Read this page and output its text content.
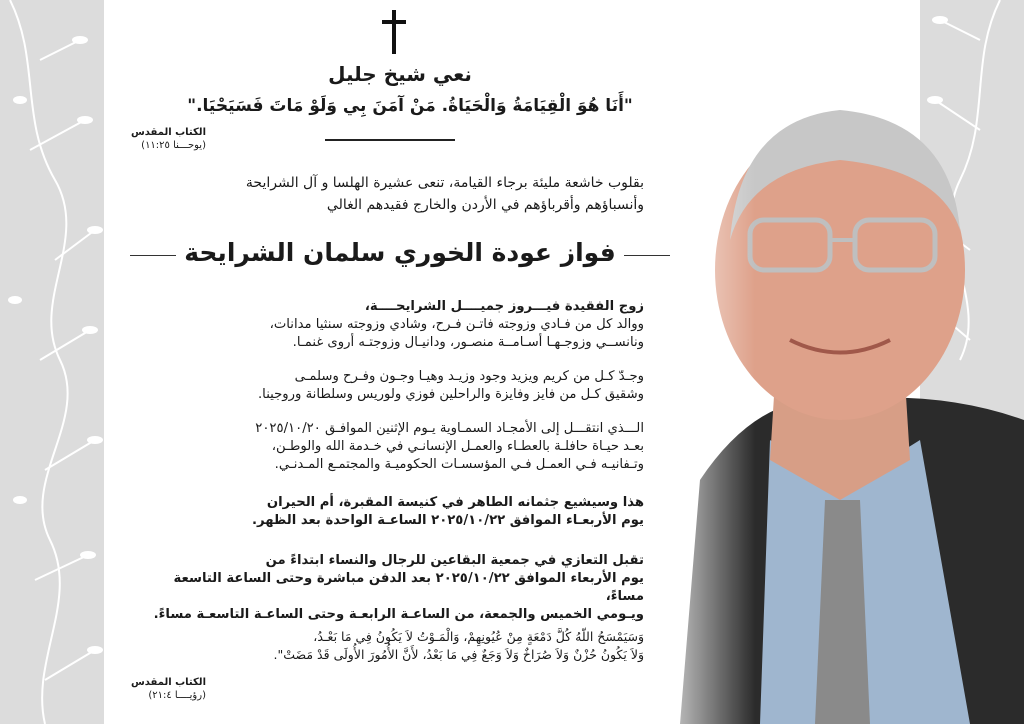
نعي شيخ جليل
"أَنَا هُوَ الْقِيَامَةُ وَالْحَيَاةُ. مَنْ آمَنَ بِي وَلَوْ مَاتَ فَسَيَحْيَا."
الكتاب المقدس
(يوحـــنا ١١:٢٥)
بقلوب خاشعة مليئة برجاء القيامة، تنعى عشيرة الهلسا و آل الشرايحة
وأنسباؤهم وأقرباؤهم في الأردن والخارج فقيدهم الغالي
فواز عودة الخوري سلمان الشرايحة

زوج الفقيدة فيـــروز جميــــل الشرايحــــة،

ووالد كل من فـادي وزوجته فاتـن فـرح، وشادي وزوجته سنثيا مدانات،

ونانســي وزوجـهـا أسـامــة منصـور، ودانيـال وزوجتـه أروى غنمـا.

وجـدّ كـل من كريم ويزيد وجود وزيـد وهيـا وجـون وفـرح وسلمـى

وشقيق كـل من فايز وفايزة والراحلين فوزي ولوريس وسلطانة وروجينا.

الـــذي انتقـــل إلى الأمجـاد السمـاوية يـوم الإثنين الموافـق ٢٠٢٥/١٠/٢٠

بعـد حيـاة حافلـة بالعطـاء والعمـل الإنسانـي في خـدمة الله والوطـن،

وتـفانيـه فـي العمـل فـي المؤسسـات الحكوميـة والمجتمـع المـدنـي.

هذا وسيشيع جثمانه الطاهر في كنيسة المقبرة، أم الحيران

يوم الأربعـاء الموافق ٢٠٢٥/١٠/٢٢ الساعـة الواحدة بعد الظهر.

تقبل التعازي في جمعية البقاعين للرجال والنساء ابتداءً من

يوم الأربعاء الموافق ٢٠٢٥/١٠/٢٢ بعد الدفن مباشرة وحتى الساعة التاسعة مساءً،

ويـومي الخميس والجمعة، من الساعـة الرابعـة وحتى الساعـة التاسعـة مساءً.

وَسَيَمْسَحُ اللّهُ كُلَّ دَمْعَةٍ مِنْ عُيُونِهِمْ، وَالْمَـوْتُ لاَ يَكُونُ فِي مَا بَعْـدُ،

وَلاَ يَكُونُ حُزْنٌ وَلاَ صُرَاخٌ وَلاَ وَجَعٌ فِي مَا بَعْدُ، لأَنَّ الأُمُورَ الأُولَى قَدْ مَضَتْ".

الكتاب المقدس
(رؤيــــا ٢١:٤)
